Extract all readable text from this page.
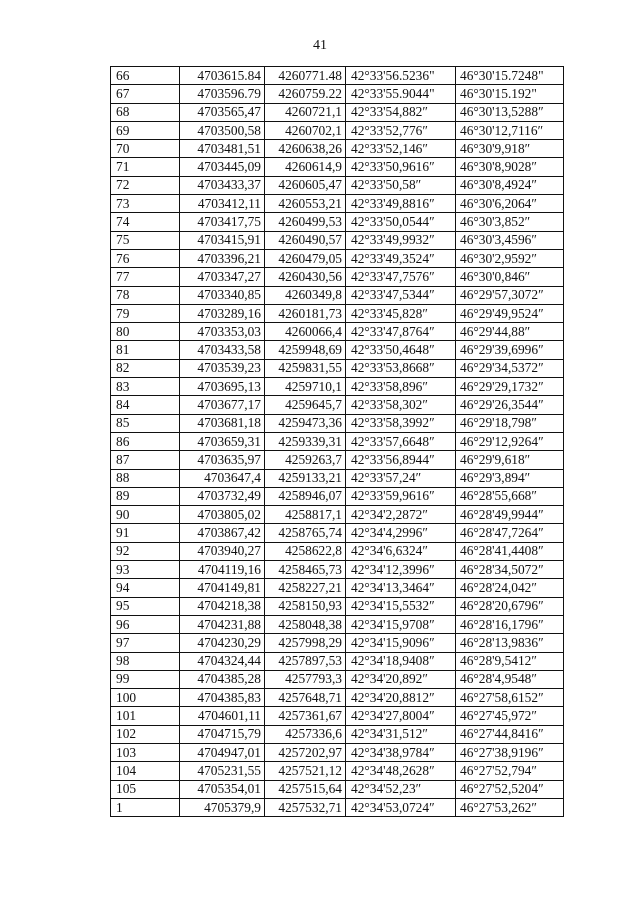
41
66	4703615.84	4260771.48	42°33'56.5236"	46°30'15.7248"
67	4703596.79	4260759.22	42°33'55.9044"	46°30'15.192"
68	4703565,47	4260721,1	42°33'54,882″	46°30'13,5288″
69	4703500,58	4260702,1	42°33'52,776″	46°30'12,7116″
70	4703481,51	4260638,26	42°33'52,146″	46°30'9,918″
71	4703445,09	4260614,9	42°33'50,9616″	46°30'8,9028″
72	4703433,37	4260605,47	42°33'50,58″	46°30'8,4924″
73	4703412,11	4260553,21	42°33'49,8816″	46°30'6,2064″
74	4703417,75	4260499,53	42°33'50,0544″	46°30'3,852″
75	4703415,91	4260490,57	42°33'49,9932″	46°30'3,4596″
76	4703396,21	4260479,05	42°33'49,3524″	46°30'2,9592″
77	4703347,27	4260430,56	42°33'47,7576″	46°30'0,846″
78	4703340,85	4260349,8	42°33'47,5344″	46°29'57,3072″
79	4703289,16	4260181,73	42°33'45,828″	46°29'49,9524″
80	4703353,03	4260066,4	42°33'47,8764″	46°29'44,88″
81	4703433,58	4259948,69	42°33'50,4648″	46°29'39,6996″
82	4703539,23	4259831,55	42°33'53,8668″	46°29'34,5372″
83	4703695,13	4259710,1	42°33'58,896″	46°29'29,1732″
84	4703677,17	4259645,7	42°33'58,302″	46°29'26,3544″
85	4703681,18	4259473,36	42°33'58,3992″	46°29'18,798″
86	4703659,31	4259339,31	42°33'57,6648″	46°29'12,9264″
87	4703635,97	4259263,7	42°33'56,8944″	46°29'9,618″
88	4703647,4	4259133,21	42°33'57,24″	46°29'3,894″
89	4703732,49	4258946,07	42°33'59,9616″	46°28'55,668″
90	4703805,02	4258817,1	42°34'2,2872″	46°28'49,9944″
91	4703867,42	4258765,74	42°34'4,2996″	46°28'47,7264″
92	4703940,27	4258622,8	42°34'6,6324″	46°28'41,4408″
93	4704119,16	4258465,73	42°34'12,3996″	46°28'34,5072″
94	4704149,81	4258227,21	42°34'13,3464″	46°28'24,042″
95	4704218,38	4258150,93	42°34'15,5532″	46°28'20,6796″
96	4704231,88	4258048,38	42°34'15,9708″	46°28'16,1796″
97	4704230,29	4257998,29	42°34'15,9096″	46°28'13,9836″
98	4704324,44	4257897,53	42°34'18,9408″	46°28'9,5412″
99	4704385,28	4257793,3	42°34'20,892″	46°28'4,9548″
100	4704385,83	4257648,71	42°34'20,8812″	46°27'58,6152″
101	4704601,11	4257361,67	42°34'27,8004″	46°27'45,972″
102	4704715,79	4257336,6	42°34'31,512″	46°27'44,8416″
103	4704947,01	4257202,97	42°34'38,9784″	46°27'38,9196″
104	4705231,55	4257521,12	42°34'48,2628″	46°27'52,794″
105	4705354,01	4257515,64	42°34'52,23″	46°27'52,5204″
1	4705379,9	4257532,71	42°34'53,0724″	46°27'53,262″
